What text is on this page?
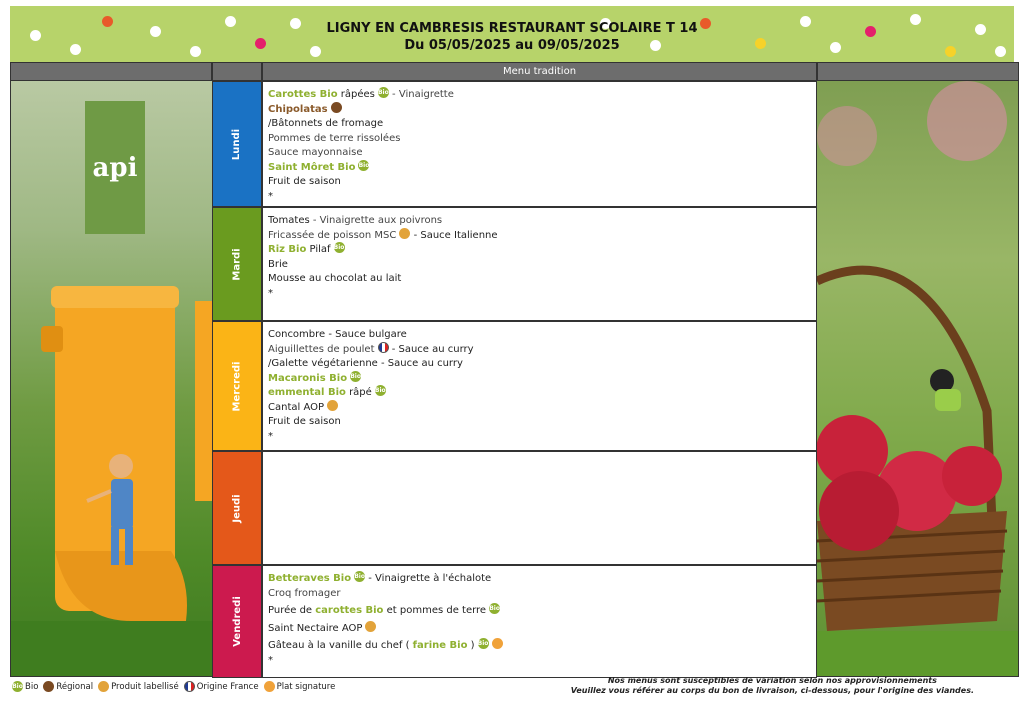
LIGNY EN CAMBRESIS RESTAURANT SCOLAIRE T 14
Du 05/05/2025 au 09/05/2025
Menu tradition
api
Lundi
Mardi
Mercredi
Jeudi
Vendredi
Carottes Bio râpées Bio - Vinaigrette
Chipolatas
/Bâtonnets de fromage
Pommes de terre rissolées
Sauce mayonnaise
Saint Môret Bio Bio
Fruit de saison
*
Tomates - Vinaigrette aux poivrons
Fricassée de poisson MSC - Sauce Italienne
Riz Bio Pilaf Bio
Brie
Mousse au chocolat au lait
*
Concombre - Sauce bulgare
Aiguillettes de poulet - Sauce au curry
/Galette végétarienne - Sauce au curry
Macaronis Bio Bio
emmental Bio râpé Bio
Cantal AOP
Fruit de saison
*
Betteraves Bio Bio - Vinaigrette à l'échalote
Croq fromager
Purée de carottes Bio et pommes de terre Bio
Saint Nectaire AOP
Gâteau à la vanille du chef ( farine Bio ) Bio
*
Bio Bio Régional Produit labellisé Origine France Plat signature
Nos menus sont susceptibles de variation selon nos approvisionnements
Veuillez vous référer au corps du bon de livraison, ci-dessous, pour l'origine des viandes.
